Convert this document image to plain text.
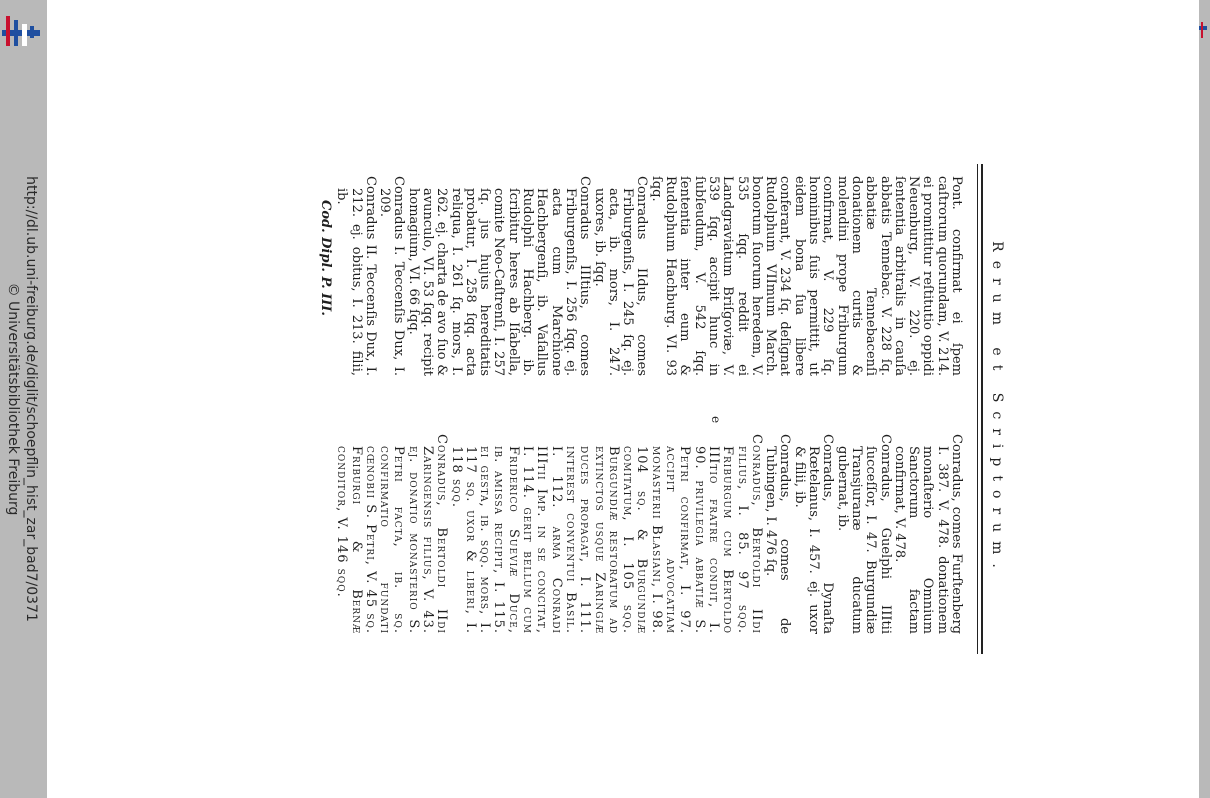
http://dl.ub.uni-freiburg.de/diglit/schoepflin_hist_zar_bad7/0371
© Universitätsbibliothek Freiburg	Rerum et Scriptorum.

Pont. confirmat ei ſpem caſtrorum quorundam, V. 214. ei promittitur reſtitutio oppidi Neuenburg, V. 220. ej. ſententia arbitralis in cauſa abbatis Tennebac. V. 228 ſq. abbatiæ Tennebacenſi donationem curtis & molendini prope Friburgum confirmat, V. 229 ſq. hominibus ſuis permittit, ut eidem bona ſua libere conferant, V. 234 ſq. deſignat Rudolphum VIImum March. bonorum ſuorum heredem, V. 535 ſqq. reddit ei Landgraviatum Briſgoviæ, V. 539 ſqq. accipit hunc in ſubſeudum, V. 542 ſqq. ſententia inter eum & Rudolphum Hachburg. VI. 93 ſqq.

Conradus IIdus, comes Friburgenſis, I. 245 ſq. ej. acta, ib. mors, I. 247. uxores, ib. ſqq.

Conradus IIItius, comes Friburgenſis, I. 256 ſqq. ej. acta cum Marchione Hachbergenſi, ib. Vaſallus Rudolphi Hachberg. ib. ſcribitur heres ab Iſabella, comite Neo-Caſtrenſi, I. 257 ſq. jus hujus hereditatis probatur, I. 258 ſqq. acta reliqua, I. 261 ſq. mors, I. 262. ej. charta de avo ſuo & avunculo, VI. 53 ſqq. recipit homagium, VI. 66 ſqq.

Conradus I. Teccenſis Dux, I. 209.

Conradus II. Teccenſis Dux, I. 212. ej. obitus, I. 213. filii, ib.

Cod. Dipl. P. III.

Conradus, comes Furſtenberg I. 387. V. 478. donationem monaſterio Omnium Sanctorum factam confirmat, V. 478.

Conradus, Guelphi IIItii ſucceſſor, I. 47. Burgundiæ Transjuranæ ducatum gubernat, ib.

Conradus, Dynaſta Rœtelanus, I. 457. ej. uxor & filii, ib.

Conradus, comes de Tubingen, I. 476 ſq.

Conradus, Bertoldi IIdi filius, I. 85. 97 ſqq. Friburgum cum Bertoldo IIItio fratre condit, I. 90. privilegia abbatiæ S. Petri confirmat, I. 97. accipit advocatiam monaſterii Blaſiani, I. 98. 104 ſq. & Burgundiæ comitatum, I. 105 ſqq. Burgundiæ reſtoratum ad extinctos uſque Zaringiæ duces propagat, I. 111. intereſt conventui Baſil. I. 112. arma Conradi IIItii Imp. in ſe concitat, I. 114. gerit bellum cum Friderico Sueviæ Duce, ib. amiſſa recipit, I. 115. ei geſta, ib. ſqq. mors, I. 117 ſq. uxor & liberi, I. 118 ſqq.

Conradus, Bertoldi IIdi Zaringenſis filius, V. 43. ej. donatio monaſterio S. Petri facta, ib. ſq. confirmatio fundati cœnobii S. Petri, V. 45 ſq. Friburgi & Bernæ conditor, V. 146 ſqq.

e
